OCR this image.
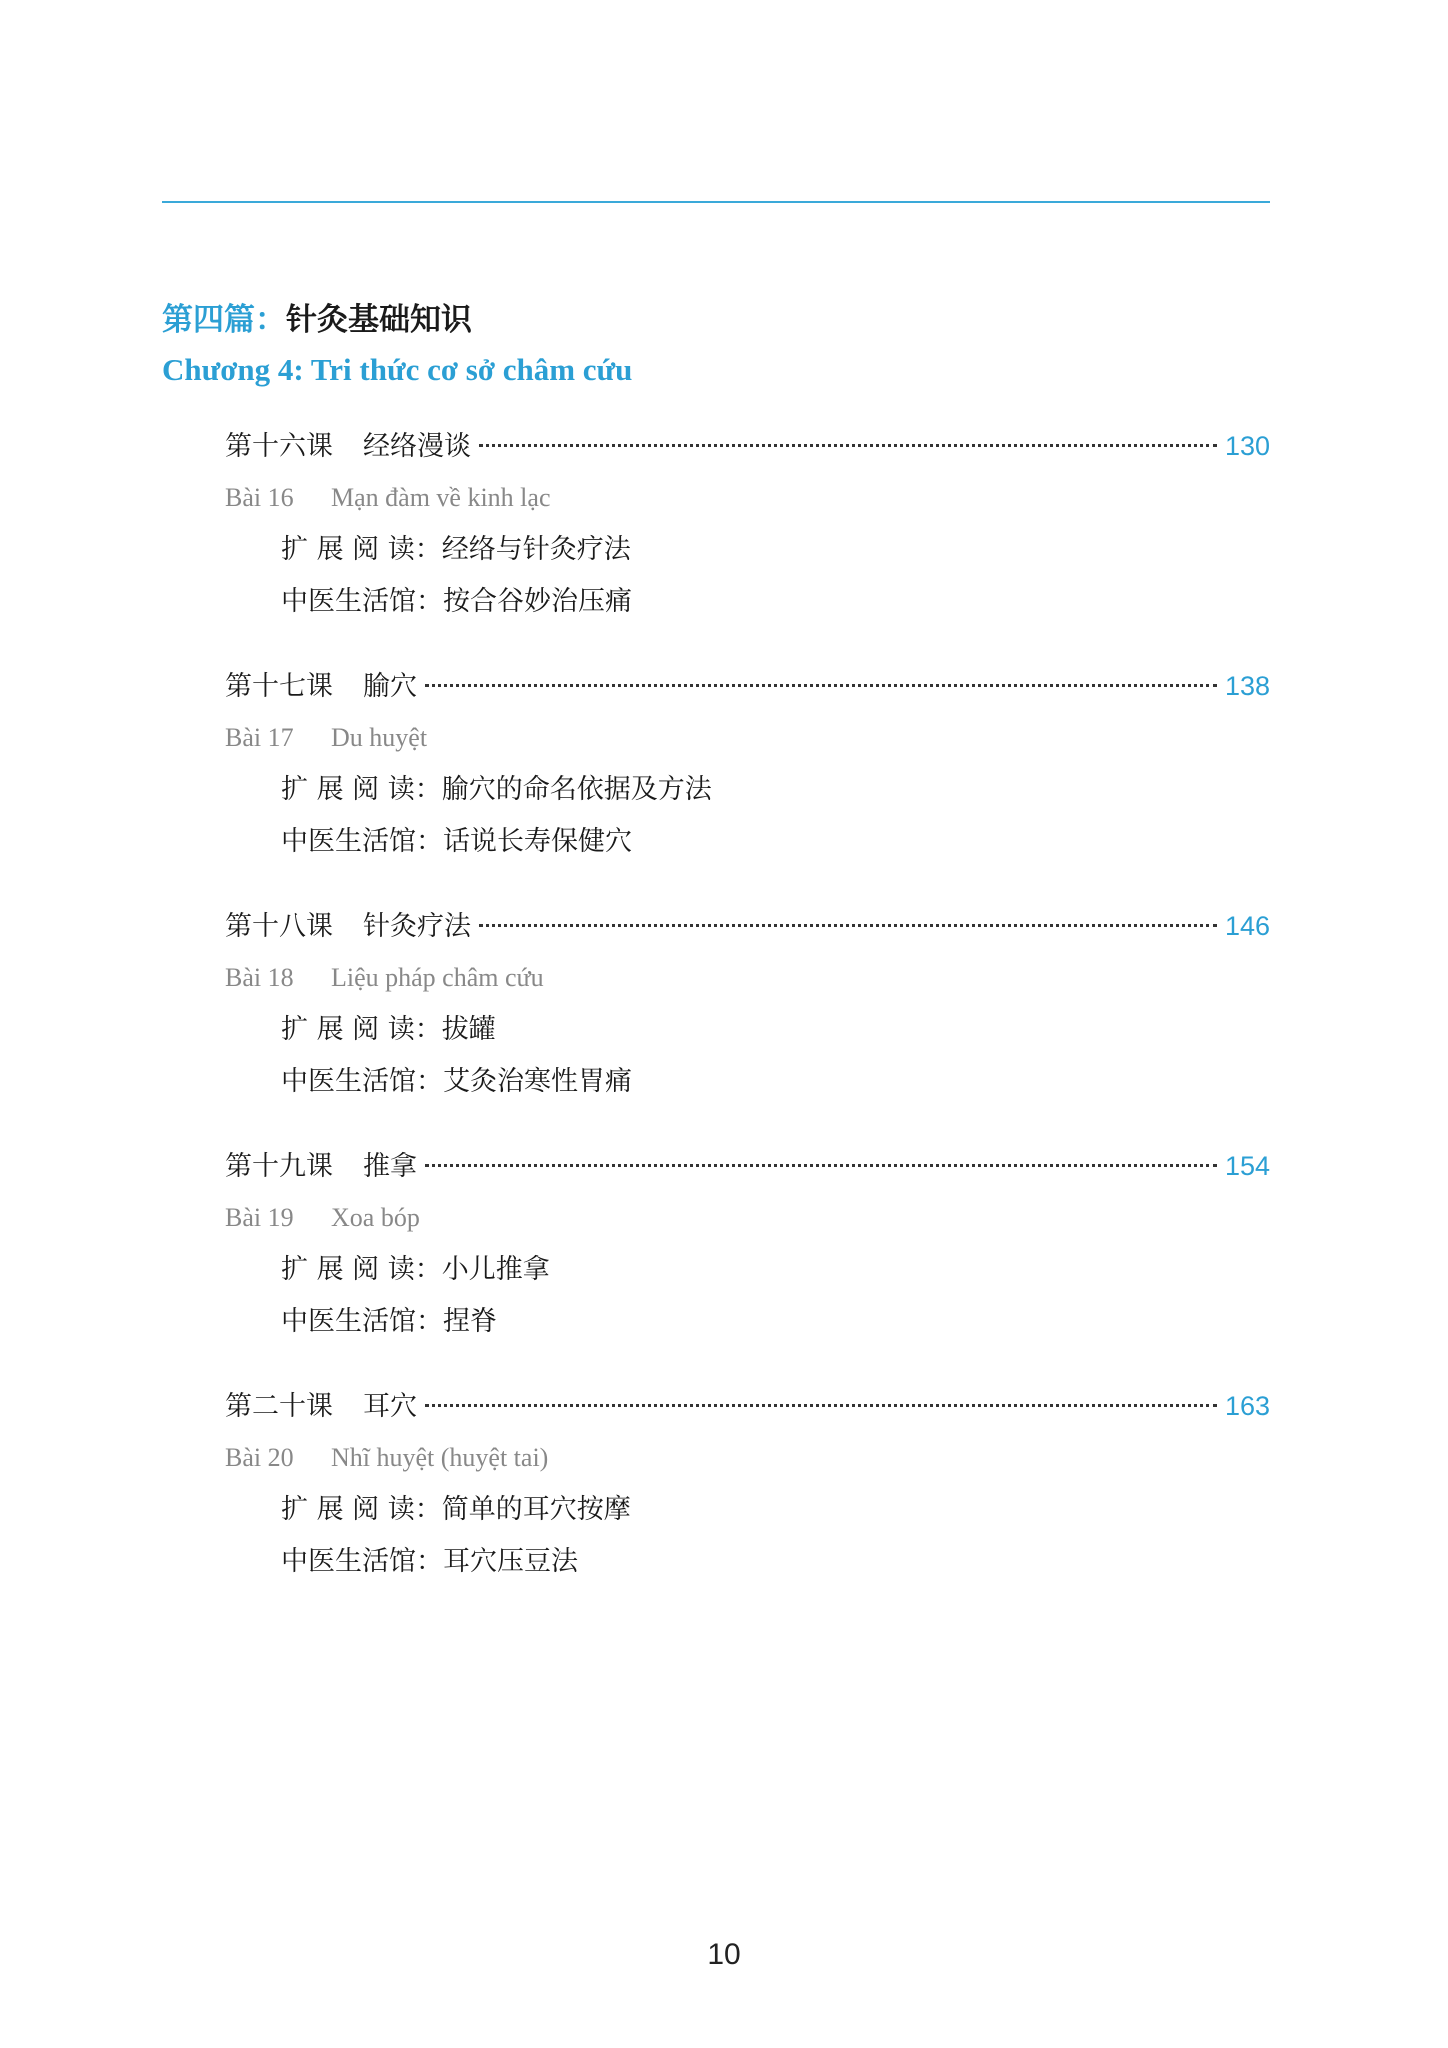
第四篇：针灸基础知识
Chương 4: Tri thức cơ sở châm cứu
第十六课 经络漫谈	130
Bài 16 Mạn đàm về kinh lạc
扩 展 阅 读：经络与针灸疗法
中医生活馆：按合谷妙治压痛
第十七课 腧穴	138
Bài 17 Du huyệt
扩 展 阅 读：腧穴的命名依据及方法
中医生活馆：话说长寿保健穴
第十八课 针灸疗法	146
Bài 18 Liệu pháp châm cứu
扩 展 阅 读：拔罐
中医生活馆：艾灸治寒性胃痛
第十九课 推拿	154
Bài 19 Xoa bóp
扩 展 阅 读：小儿推拿
中医生活馆：捏脊
第二十课 耳穴	163
Bài 20 Nhĩ huyệt (huyệt tai)
扩 展 阅 读：简单的耳穴按摩
中医生活馆：耳穴压豆法
10
